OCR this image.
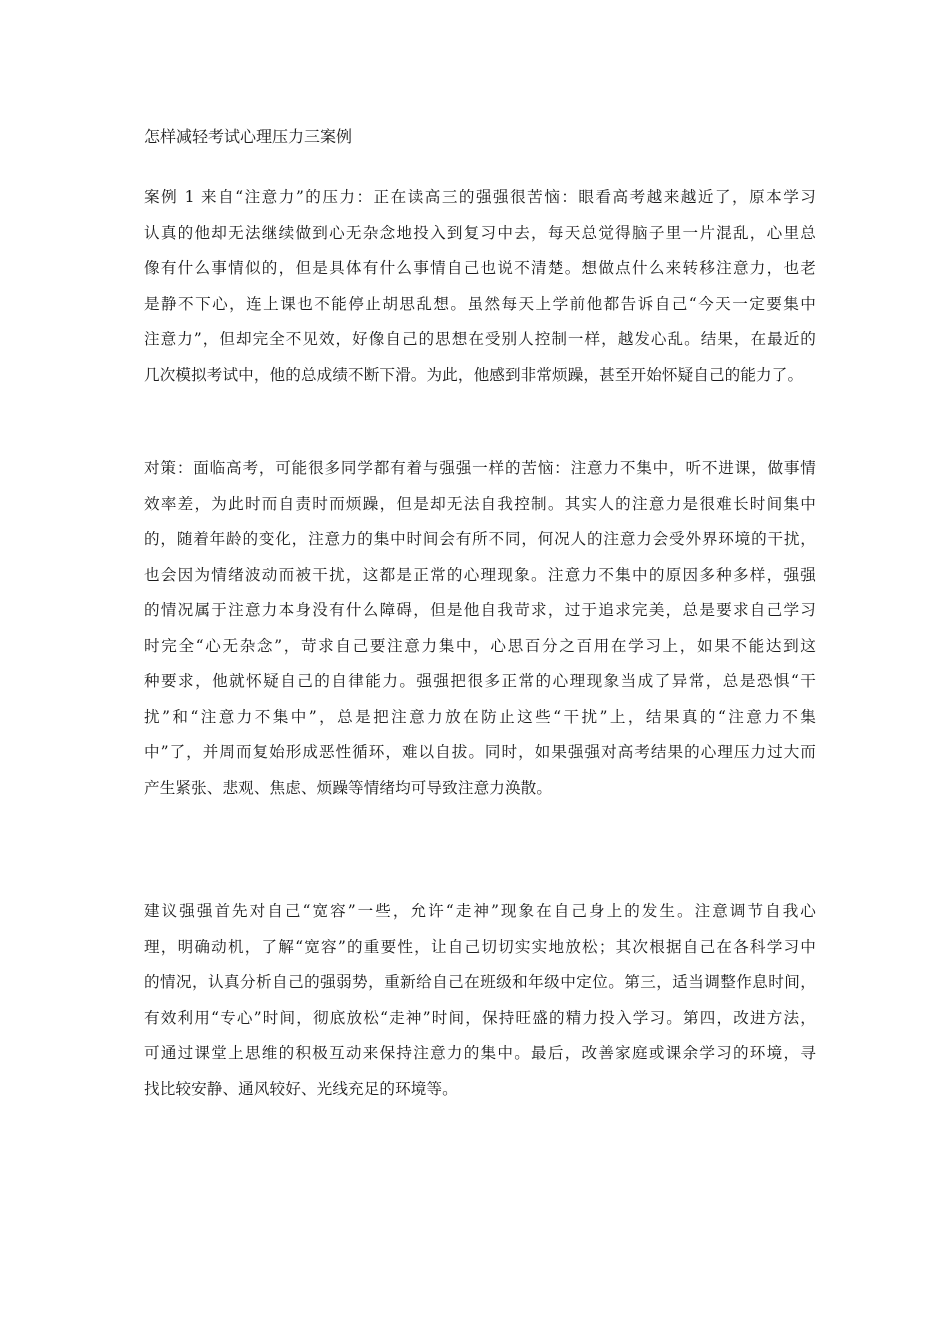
怎样减轻考试心理压力三案例

案例 1 来自“注意力”的压力：正在读高三的强强很苦恼：眼看高考越来越近了，原本学习
认真的他却无法继续做到心无杂念地投入到复习中去，每天总觉得脑子里一片混乱，心里总
像有什么事情似的，但是具体有什么事情自己也说不清楚。想做点什么来转移注意力，也老
是静不下心，连上课也不能停止胡思乱想。虽然每天上学前他都告诉自己“今天一定要集中
注意力”，但却完全不见效，好像自己的思想在受别人控制一样，越发心乱。结果，在最近的
几次模拟考试中，他的总成绩不断下滑。为此，他感到非常烦躁，甚至开始怀疑自己的能力了。

对策：面临高考，可能很多同学都有着与强强一样的苦恼：注意力不集中，听不进课，做事情
效率差，为此时而自责时而烦躁，但是却无法自我控制。其实人的注意力是很难长时间集中
的，随着年龄的变化，注意力的集中时间会有所不同，何况人的注意力会受外界环境的干扰，
也会因为情绪波动而被干扰，这都是正常的心理现象。注意力不集中的原因多种多样，强强
的情况属于注意力本身没有什么障碍，但是他自我苛求，过于追求完美，总是要求自己学习
时完全“心无杂念”，苛求自己要注意力集中，心思百分之百用在学习上，如果不能达到这
种要求，他就怀疑自己的自律能力。强强把很多正常的心理现象当成了异常，总是恐惧“干
扰”和“注意力不集中”，总是把注意力放在防止这些“干扰”上，结果真的“注意力不集
中”了，并周而复始形成恶性循环，难以自拔。同时，如果强强对高考结果的心理压力过大而
产生紧张、悲观、焦虑、烦躁等情绪均可导致注意力涣散。

建议强强首先对自己“宽容”一些，允许“走神”现象在自己身上的发生。注意调节自我心
理，明确动机，了解“宽容”的重要性，让自己切切实实地放松；其次根据自己在各科学习中
的情况，认真分析自己的强弱势，重新给自己在班级和年级中定位。第三，适当调整作息时间，
有效利用“专心”时间，彻底放松“走神”时间，保持旺盛的精力投入学习。第四，改进方法，
可通过课堂上思维的积极互动来保持注意力的集中。最后，改善家庭或课余学习的环境，寻
找比较安静、通风较好、光线充足的环境等。
